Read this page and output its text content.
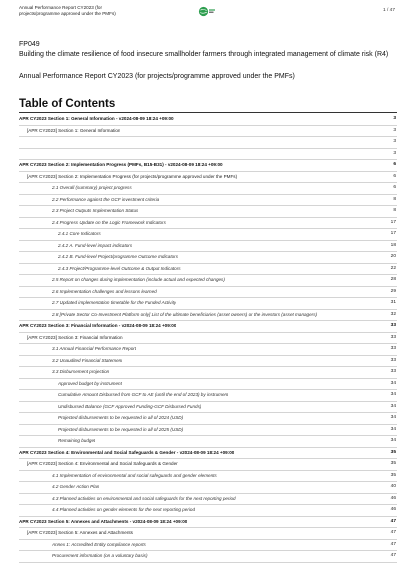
Annual Performance Report CY2023 (for
projects/programme approved under the PMFs)
1 / 47
FP049
Building the climate resilience of food insecure smallholder farmers through integrated management of climate risk (R4)
Annual Performance Report CY2023 (for projects/programme approved under the PMFs)
Table of Contents
APR CY2023 Section 1: General Information - v2024-08-09 18:24 +09:00	3
[APR CY2023] Section 1: General Information	3
3
3
APR CY2023 Section 2: Implementation Progress (PMFs, B15-B31) - v2024-08-09 18:24 +09:00	6
[APR CY2023] Section 2: Implementation Progress (for projects/programme approved under the PMFs)	6
2.1 Overall (summary) project progress	6
2.2 Performance against the GCF investment criteria	8
2.3 Project Outputs Implementation Status	8
2.4 Progress Update on the Logic Framework Indicators	17
2.4.1 Core Indicators	17
2.4.2 A. Fund-level impact indicators	18
2.4.2 B. Fund-level Project/programme Outcome Indicators	20
2.4.3 Project/Programme-level Outcome & Output Indicators	22
2.5 Report on changes during implementation (include actual and expected changes)	28
2.6 Implementation challenges and lessons learned	29
2.7 Updated implementation timetable for the Funded Activity	31
2.8 [Private Sector Co-Investment Platform only] List of the ultimate beneficiaries (asset owners) or the investors (asset managers)	32
APR CY2023 Section 3: Financial Information - v2024-08-09 18:24 +09:00	33
[APR CY2023] Section 3: Financial Information	33
3.1 Annual Financial Performance Report	33
3.2 Unaudited Financial Statement	33
3.3 Disbursement projection	33
Approved budget by instrument	34
Cumulative Amount Disbursed from GCF to AE (until the end of 2023) by instrument	34
Undisbursed Balance (GCF Approved Funding-GCF Disbursed Funds)	34
Projected disbursements to be requested in all of 2024 (USD)	34
Projected disbursements to be requested in all of 2025 (USD)	34
Remaining budget	34
APR CY2023 Section 4: Environmental and Social Safeguards & Gender - v2024-08-09 18:24 +09:00	35
[APR CY2023] Section 4: Environmental and Social Safeguards & Gender	35
4.1 Implementation of environmental and social safeguards and gender elements	35
4.2 Gender Action Plan	40
4.3 Planned activities on environmental and social safeguards for the next reporting period	46
4.4 Planned activities on gender elements for the next reporting period	46
APR CY2023 Section 5: Annexes and Attachments - v2024-08-09 18:24 +09:00	47
[APR CY2023] Section 5: Annexes and Attachments	47
Annex 1: Accredited Entity compliance reports	47
Procurement information (on a voluntary basis)	47
